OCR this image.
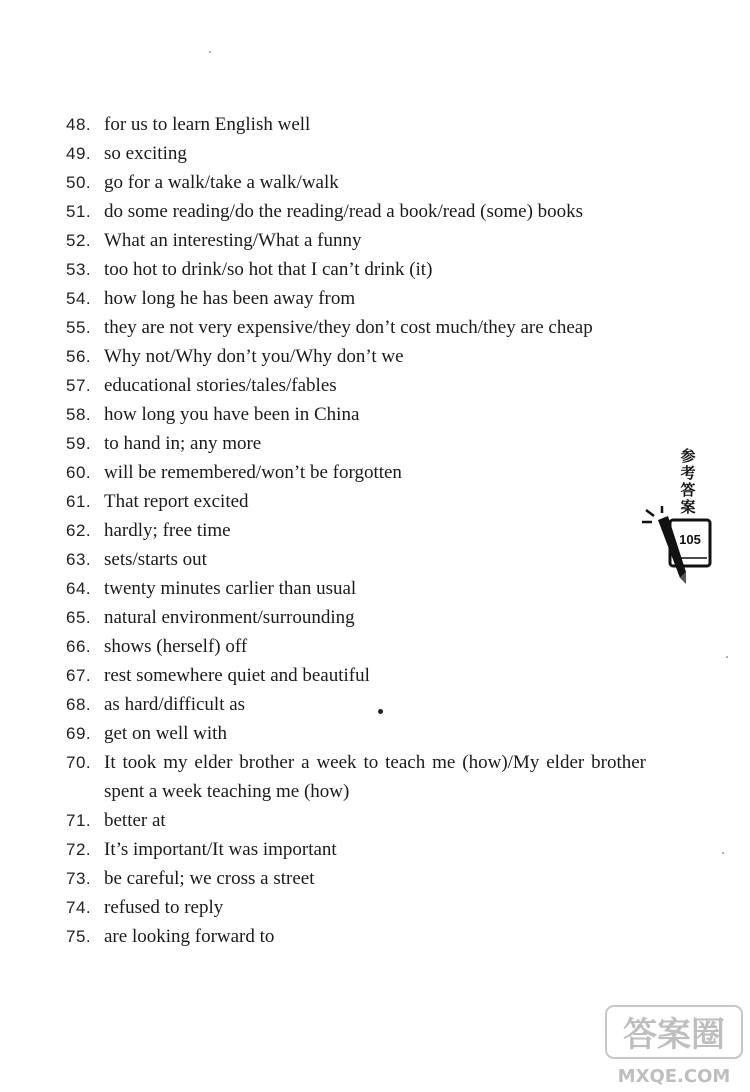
48. for us to learn English well
49. so exciting
50. go for a walk/take a walk/walk
51. do some reading/do the reading/read a book/read (some) books
52. What an interesting/What a funny
53. too hot to drink/so hot that I can’t drink (it)
54. how long he has been away from
55. they are not very expensive/they don’t cost much/they are cheap
56. Why not/Why don’t you/Why don’t we
57. educational stories/tales/fables
58. how long you have been in China
59. to hand in; any more
60. will be remembered/won’t be forgotten
61. That report excited
62. hardly; free time
63. sets/starts out
64. twenty minutes carlier than usual
65. natural environment/surrounding
66. shows (herself) off
67. rest somewhere quiet and beautiful
68. as hard/difficult as
69. get on well with
70. It took my elder brother a week to teach me (how)/My elder brother spent a week teaching me (how)
71. better at
72. It’s important/It was important
73. be careful; we cross a street
74. refused to reply
75. are looking forward to
参考答案
105
答案圈
MXQE.COM
